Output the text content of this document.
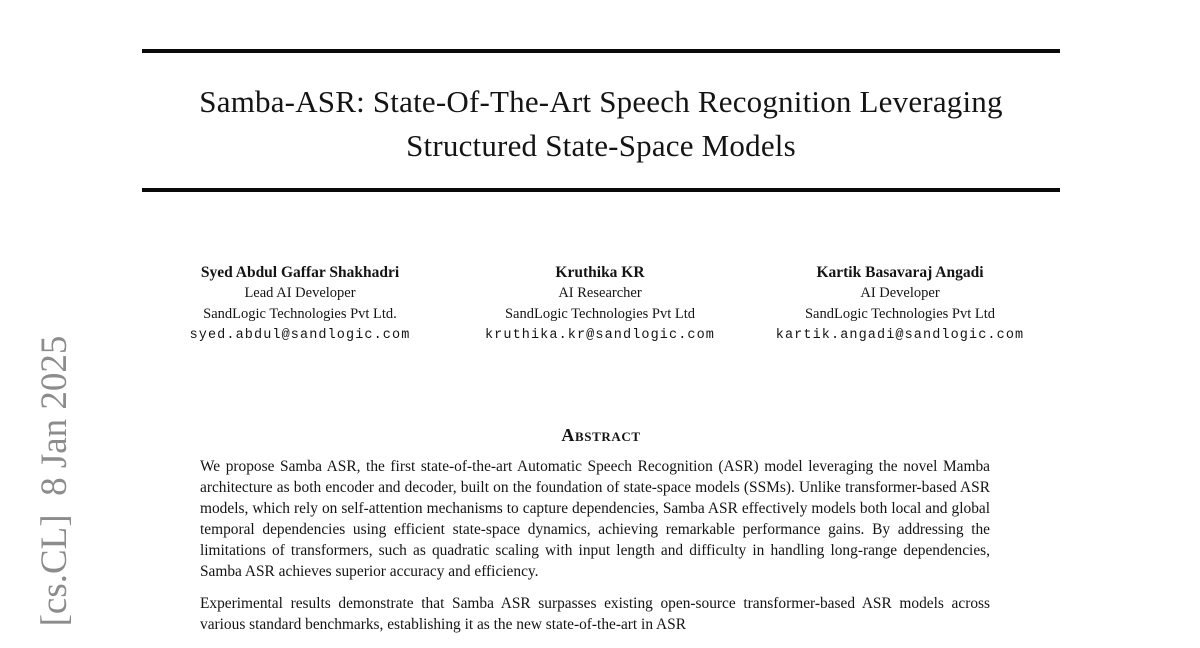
[cs.CL]  8 Jan 2025
Samba-ASR: State-Of-The-Art Speech Recognition Leveraging
Structured State-Space Models
Syed Abdul Gaffar Shakhadri
Lead AI Developer
SandLogic Technologies Pvt Ltd.
syed.abdul@sandlogic.com
Kruthika KR
AI Researcher
SandLogic Technologies Pvt Ltd
kruthika.kr@sandlogic.com
Kartik Basavaraj Angadi
AI Developer
SandLogic Technologies Pvt Ltd
kartik.angadi@sandlogic.com
Abstract

We propose Samba ASR, the first state-of-the-art Automatic Speech Recognition (ASR) model leveraging the novel Mamba architecture as both encoder and decoder, built on the foundation of state-space models (SSMs). Unlike transformer-based ASR models, which rely on self-attention mechanisms to capture dependencies, Samba ASR effectively models both local and global temporal dependencies using efficient state-space dynamics, achieving remarkable performance gains. By addressing the limitations of transformers, such as quadratic scaling with input length and difficulty in handling long-range dependencies, Samba ASR achieves superior accuracy and efficiency.

Experimental results demonstrate that Samba ASR surpasses existing open-source transformer-based ASR models across various standard benchmarks, establishing it as the new state-of-the-art in ASR
